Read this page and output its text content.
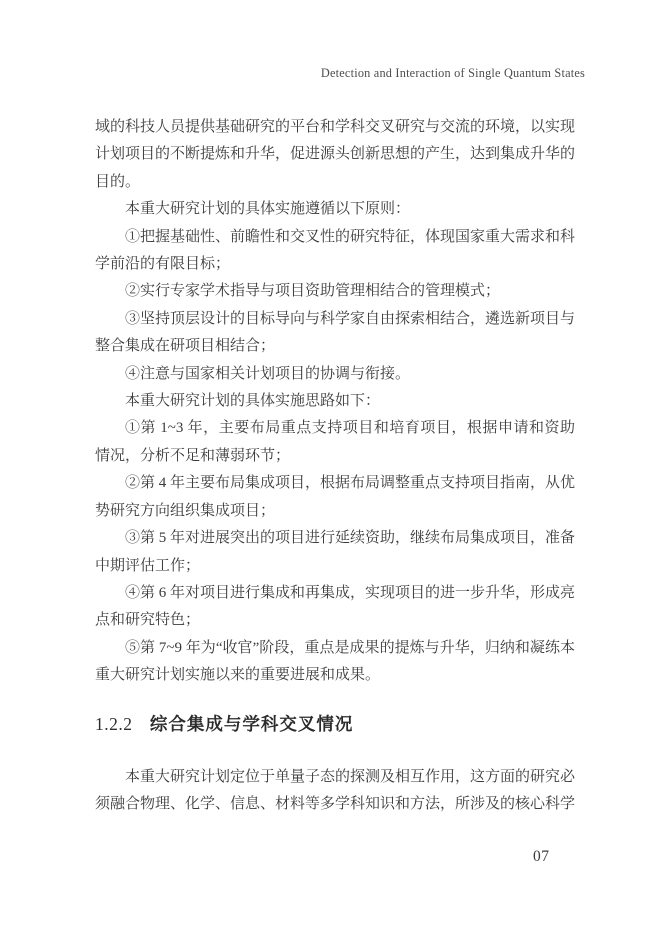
Detection and Interaction of Single Quantum States

域的科技人员提供基础研究的平台和学科交叉研究与交流的环境，以实现计划项目的不断提炼和升华，促进源头创新思想的产生，达到集成升华的目的。

本重大研究计划的具体实施遵循以下原则：

①把握基础性、前瞻性和交叉性的研究特征，体现国家重大需求和科学前沿的有限目标；

②实行专家学术指导与项目资助管理相结合的管理模式；

③坚持顶层设计的目标导向与科学家自由探索相结合，遴选新项目与整合集成在研项目相结合；

④注意与国家相关计划项目的协调与衔接。

本重大研究计划的具体实施思路如下：

①第 1~3 年，主要布局重点支持项目和培育项目，根据申请和资助情况，分析不足和薄弱环节；

②第 4 年主要布局集成项目，根据布局调整重点支持项目指南，从优势研究方向组织集成项目；

③第 5 年对进展突出的项目进行延续资助，继续布局集成项目，准备中期评估工作；

④第 6 年对项目进行集成和再集成，实现项目的进一步升华，形成亮点和研究特色；

⑤第 7~9 年为“收官”阶段，重点是成果的提炼与升华，归纳和凝练本重大研究计划实施以来的重要进展和成果。

1.2.2 综合集成与学科交叉情况

本重大研究计划定位于单量子态的探测及相互作用，这方面的研究必须融合物理、化学、信息、材料等多学科知识和方法，所涉及的核心科学

07
